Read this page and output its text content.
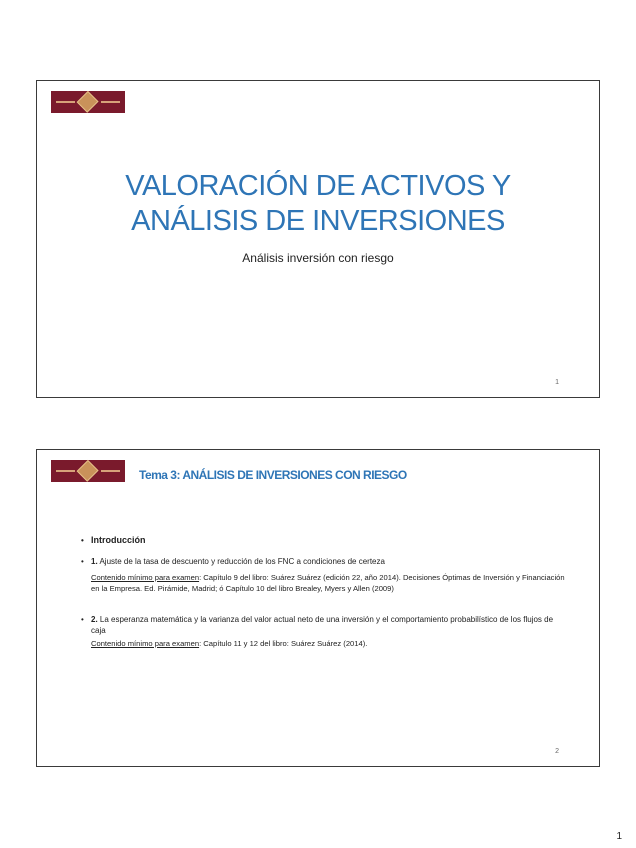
VALORACIÓN DE ACTIVOS Y
ANÁLISIS DE INVERSIONES
Análisis inversión con riesgo
1
Tema 3: ANÁLISIS DE INVERSIONES CON RIESGO
• Introducción
• 1. Ajuste de la tasa de descuento y reducción de los FNC a condiciones de certeza
Contenido mínimo para examen: Capítulo 9 del libro: Suárez Suárez (edición 22, año 2014). Decisiones Óptimas de Inversión y Financiación en la Empresa. Ed. Pirámide, Madrid; ó Capítulo 10 del libro Brealey, Myers y Allen (2009)
• 2. La esperanza matemática y la varianza del valor actual neto de una inversión y el comportamiento probabilístico de los flujos de caja
Contenido mínimo para examen: Capítulo 11 y 12 del libro: Suárez Suárez (2014).
2
1
